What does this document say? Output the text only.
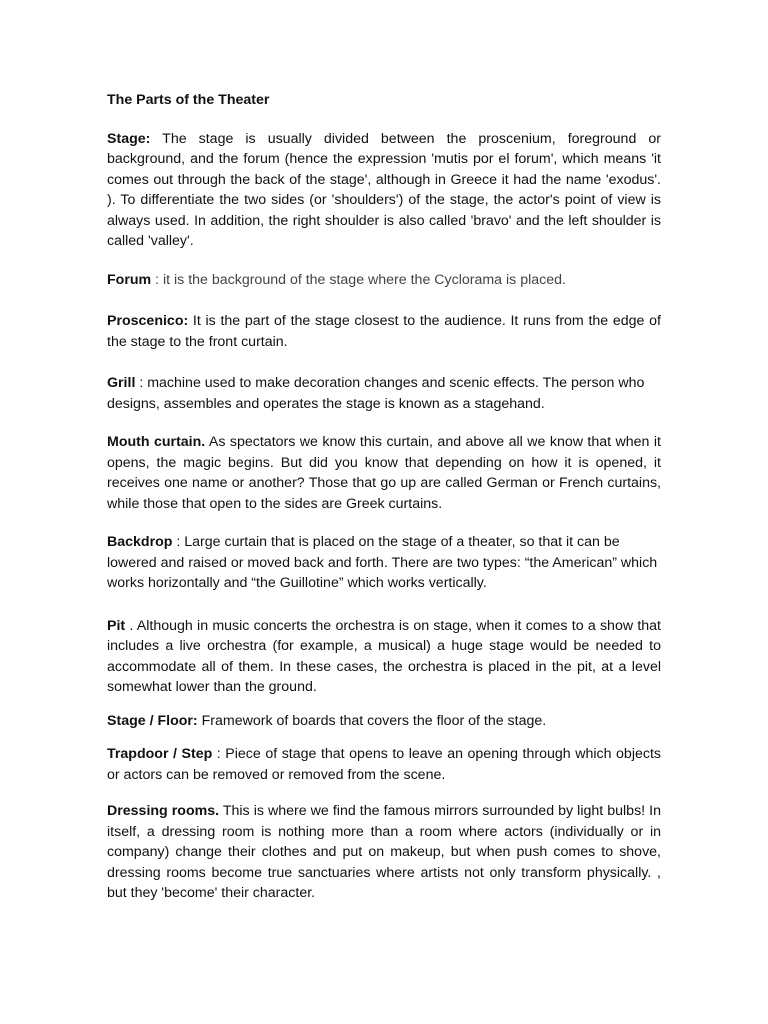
The Parts of the Theater

Stage: The stage is usually divided between the proscenium, foreground or background, and the forum (hence the expression 'mutis por el forum', which means 'it comes out through the back of the stage', although in Greece it had the name 'exodus'. ). To differentiate the two sides (or 'shoulders') of the stage, the actor's point of view is always used. In addition, the right shoulder is also called 'bravo' and the left shoulder is called 'valley'.

Forum : it is the background of the stage where the Cyclorama is placed.

Proscenico: It is the part of the stage closest to the audience. It runs from the edge of the stage to the front curtain.

Grill : machine used to make decoration changes and scenic effects. The person who designs, assembles and operates the stage is known as a stagehand.

Mouth curtain. As spectators we know this curtain, and above all we know that when it opens, the magic begins. But did you know that depending on how it is opened, it receives one name or another? Those that go up are called German or French curtains, while those that open to the sides are Greek curtains.

Backdrop : Large curtain that is placed on the stage of a theater, so that it can be lowered and raised or moved back and forth. There are two types: “the American” which works horizontally and “the Guillotine” which works vertically.

Pit . Although in music concerts the orchestra is on stage, when it comes to a show that includes a live orchestra (for example, a musical) a huge stage would be needed to accommodate all of them. In these cases, the orchestra is placed in the pit, at a level somewhat lower than the ground.

Stage / Floor: Framework of boards that covers the floor of the stage.

Trapdoor / Step : Piece of stage that opens to leave an opening through which objects or actors can be removed or removed from the scene.

Dressing rooms. This is where we find the famous mirrors surrounded by light bulbs! In itself, a dressing room is nothing more than a room where actors (individually or in company) change their clothes and put on makeup, but when push comes to shove, dressing rooms become true sanctuaries where artists not only transform physically. , but they 'become' their character.
